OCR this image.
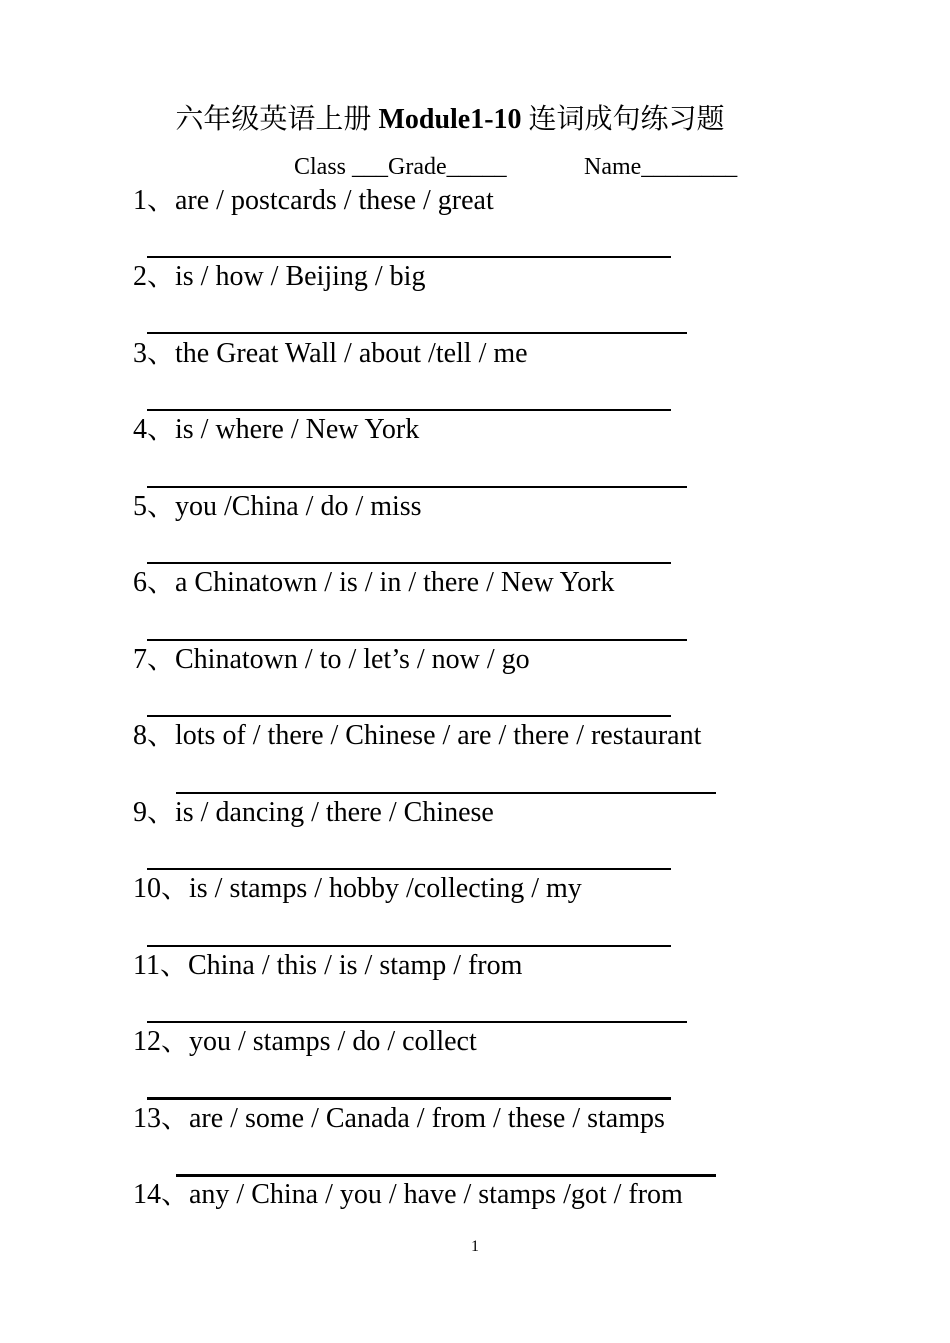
六年级英语上册 Module1-10 连词成句练习题
Class ___Grade_____	Name________
1、are / postcards / these / great
2、is / how / Beijing / big
3、the Great Wall / about /tell / me
4、is / where / New York
5、you /China / do / miss
6、a Chinatown / is / in / there / New York
7、Chinatown / to / let’s / now / go
8、lots of / there / Chinese / are / there / restaurant
9、is / dancing / there / Chinese
10、is / stamps / hobby /collecting / my
11、China / this / is / stamp / from
12、you / stamps / do / collect
13、are / some / Canada / from / these / stamps
14、any / China / you / have / stamps /got / from
1
